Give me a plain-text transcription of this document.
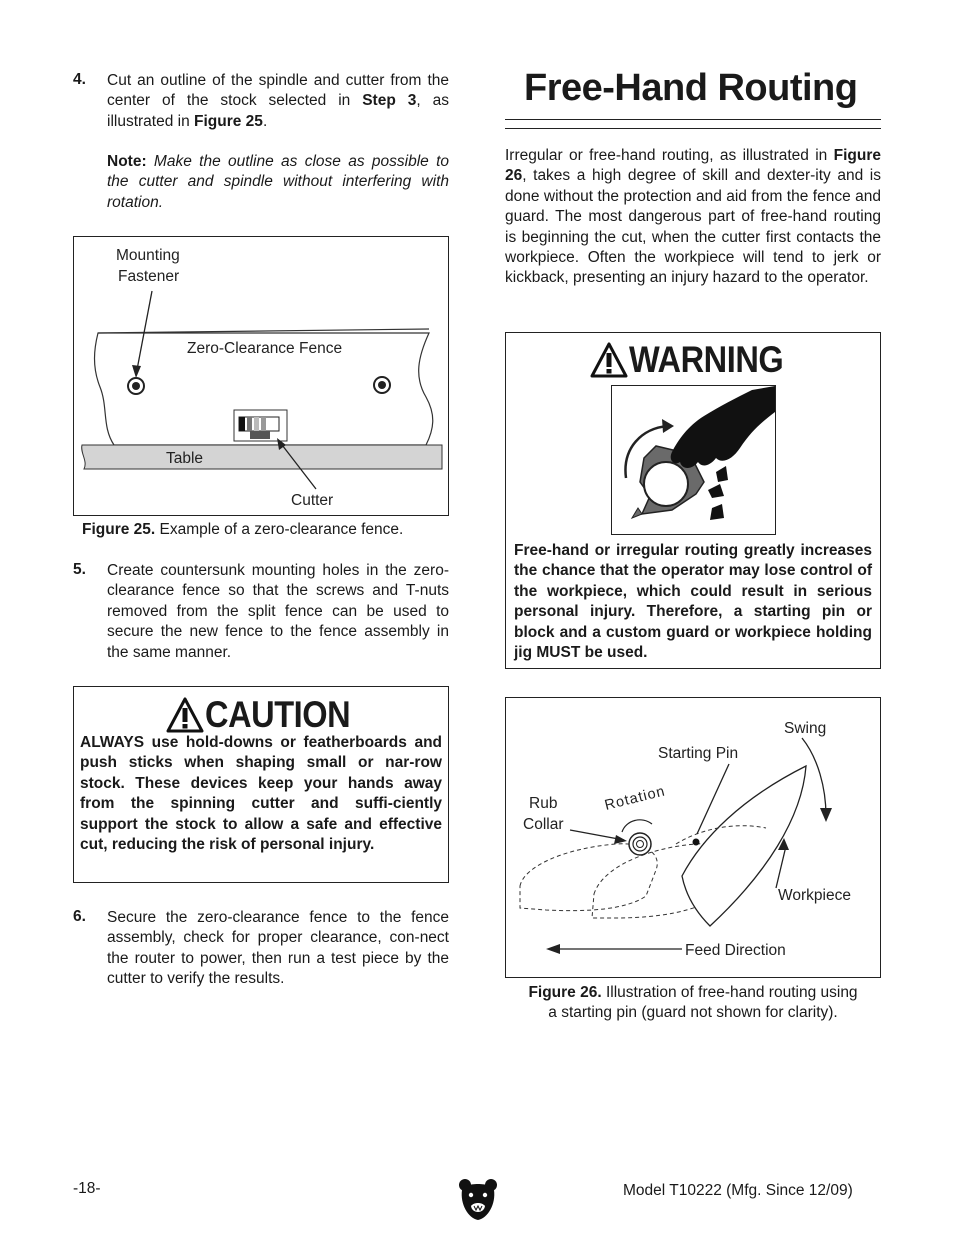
4. Cut an outline of the spindle and cutter from the center of the stock selected in Step 3, as illustrated in Figure 25.
Note: Make the outline as close as possible to the cutter and spindle without interfering with rotation.
Mounting
Fastener
Zero-Clearance Fence
Table
Cutter
Figure 25. Example of a zero-clearance fence.
5. Create countersunk mounting holes in the zero-clearance fence so that the screws and T-nuts removed from the split fence can be used to secure the new fence to the fence assembly in the same manner.
CAUTION
ALWAYS use hold-downs or featherboards and push sticks when shaping small or nar-row stock. These devices keep your hands away from the spinning cutter and suffi-ciently support the stock to allow a safe and effective cut, reducing the risk of personal injury.
6. Secure the zero-clearance fence to the fence assembly, check for proper clearance, con-nect the router to power, then run a test piece by the cutter to verify the results.
Free-Hand Routing
Irregular or free-hand routing, as illustrated in Figure 26, takes a high degree of skill and dexter-ity and is done without the protection and aid from the fence and guard. The most dangerous part of free-hand routing is beginning the cut, when the cutter first contacts the workpiece. Often the workpiece will tend to jerk or kickback, presenting an injury hazard to the operator.
WARNING
Free-hand or irregular routing greatly increases the chance that the operator may lose control of the workpiece, which could result in serious personal injury. Therefore, a starting pin or block and a custom guard or workpiece holding jig MUST be used.
Swing
Starting Pin
Rub
Collar
Rotation
Workpiece
Feed Direction
Figure 26. Illustration of free-hand routing using
a starting pin (guard not shown for clarity).
-18-	Model T10222 (Mfg. Since 12/09)
